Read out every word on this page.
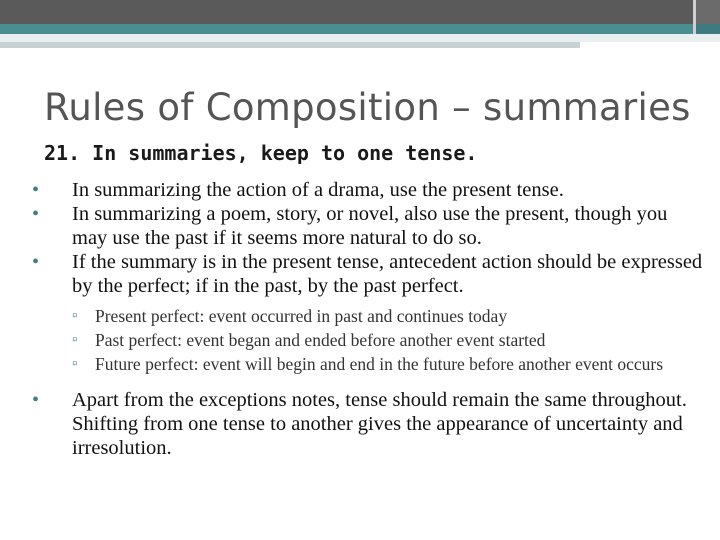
Rules of Composition – summaries
21. In summaries, keep to one tense.
• In summarizing the action of a drama, use the present tense.
• In summarizing a poem, story, or novel, also use the present, though you may use the past if it seems more natural to do so.
• If the summary is in the present tense, antecedent action should be expressed by the perfect; if in the past, by the past perfect.
▫ Present perfect: event occurred in past and continues today
▫ Past perfect: event began and ended before another event started
▫ Future perfect: event will begin and end in the future before another event occurs
• Apart from the exceptions notes, tense should remain the same throughout. Shifting from one tense to another gives the appearance of uncertainty and irresolution.
